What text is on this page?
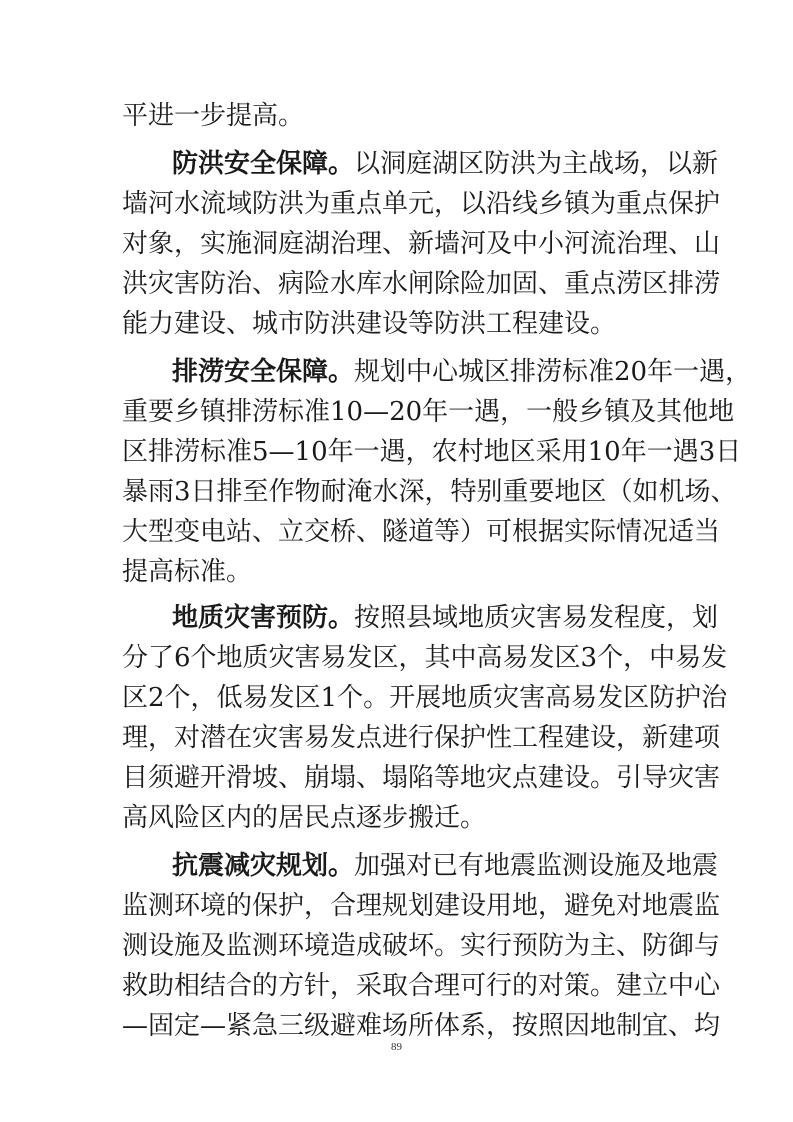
平进一步提高。
防洪安全保障。以洞庭湖区防洪为主战场，以新
墙河水流域防洪为重点单元，以沿线乡镇为重点保护
对象，实施洞庭湖治理、新墙河及中小河流治理、山
洪灾害防治、病险水库水闸除险加固、重点涝区排涝
能力建设、城市防洪建设等防洪工程建设。
排涝安全保障。规划中心城区排涝标准20年一遇，
重要乡镇排涝标准10—20年一遇，一般乡镇及其他地
区排涝标准5—10年一遇，农村地区采用10年一遇3日
暴雨3日排至作物耐淹水深，特别重要地区（如机场、
大型变电站、立交桥、隧道等）可根据实际情况适当
提高标准。
地质灾害预防。按照县域地质灾害易发程度，划
分了6个地质灾害易发区，其中高易发区3个，中易发
区2个，低易发区1个。开展地质灾害高易发区防护治
理，对潜在灾害易发点进行保护性工程建设，新建项
目须避开滑坡、崩塌、塌陷等地灾点建设。引导灾害
高风险区内的居民点逐步搬迁。
抗震减灾规划。加强对已有地震监测设施及地震
监测环境的保护，合理规划建设用地，避免对地震监
测设施及监测环境造成破坏。实行预防为主、防御与
救助相结合的方针，采取合理可行的对策。建立中心
—固定—紧急三级避难场所体系，按照因地制宜、均
89
